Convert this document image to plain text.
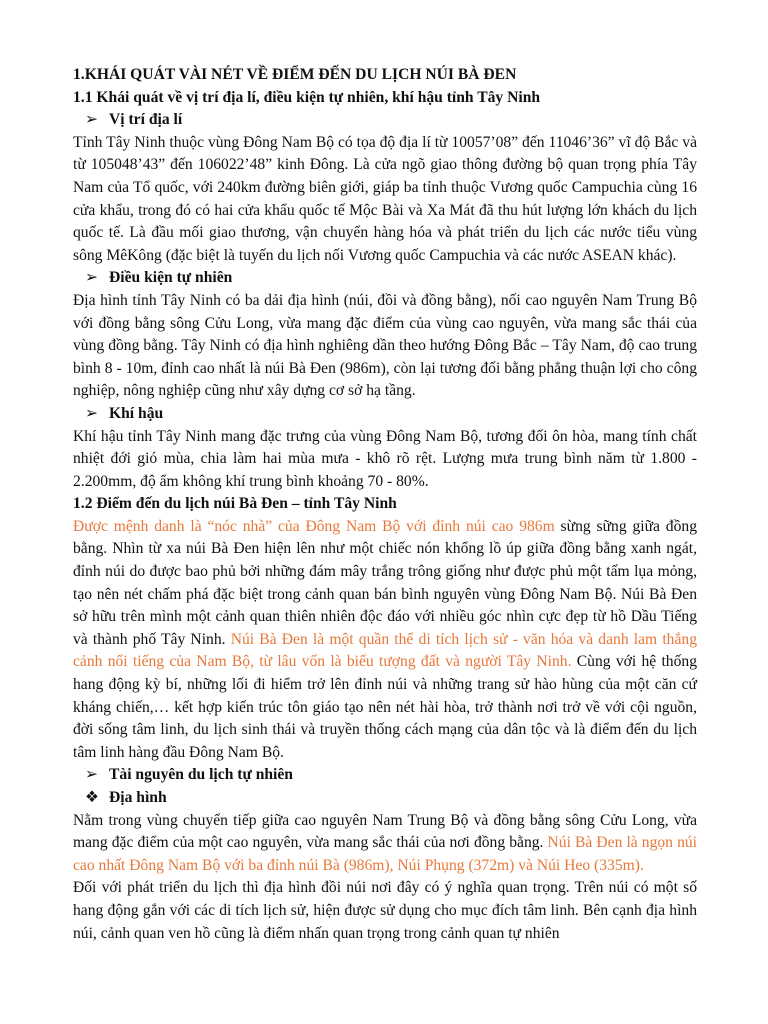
1.KHÁI QUÁT VÀI NÉT VỀ ĐIỂM ĐẾN DU LỊCH NÚI BÀ ĐEN

1.1 Khái quát về vị trí địa lí, điều kiện tự nhiên, khí hậu tỉnh Tây Ninh

➢ Vị trí địa lí

Tỉnh Tây Ninh thuộc vùng Đông Nam Bộ có tọa độ địa lí từ 10057’08” đến 11046’36” vĩ độ Bắc và từ 105048’43” đến 106022’48” kinh Đông. Là cửa ngõ giao thông đường bộ quan trọng phía Tây Nam của Tổ quốc, với 240km đường biên giới, giáp ba tỉnh thuộc Vương quốc Campuchia cùng 16 cửa khẩu, trong đó có hai cửa khẩu quốc tế Mộc Bài và Xa Mát đã thu hút lượng lớn khách du lịch quốc tế. Là đầu mối giao thương, vận chuyển hàng hóa và phát triển du lịch các nước tiểu vùng sông MêKông (đặc biệt là tuyến du lịch nối Vương quốc Campuchia và các nước ASEAN khác).

➢ Điều kiện tự nhiên

Địa hình tỉnh Tây Ninh có ba dải địa hình (núi, đồi và đồng bằng), nối cao nguyên Nam Trung Bộ với đồng bằng sông Cửu Long, vừa mang đặc điểm của vùng cao nguyên, vừa mang sắc thái của vùng đồng bằng. Tây Ninh có địa hình nghiêng dần theo hướng Đông Bắc – Tây Nam, độ cao trung bình 8 - 10m, đỉnh cao nhất là núi Bà Đen (986m), còn lại tương đối bằng phẳng thuận lợi cho công nghiệp, nông nghiệp cũng như xây dựng cơ sở hạ tầng.

➢ Khí hậu

Khí hậu tỉnh Tây Ninh mang đặc trưng của vùng Đông Nam Bộ, tương đối ôn hòa, mang tính chất nhiệt đới gió mùa, chia làm hai mùa mưa - khô rõ rệt. Lượng mưa trung bình năm từ 1.800 - 2.200mm, độ ẩm không khí trung bình khoảng 70 - 80%.

1.2 Điểm đến du lịch núi Bà Đen – tỉnh Tây Ninh

Được mệnh danh là “nóc nhà” của Đông Nam Bộ với đỉnh núi cao 986m sừng sững giữa đồng bằng. Nhìn từ xa núi Bà Đen hiện lên như một chiếc nón khổng lồ úp giữa đồng bằng xanh ngát, đỉnh núi do được bao phủ bởi những đám mây trắng trông giống như được phủ một tấm lụa mỏng, tạo nên nét chấm phá đặc biệt trong cảnh quan bán bình nguyên vùng Đông Nam Bộ. Núi Bà Đen sở hữu trên mình một cảnh quan thiên nhiên độc đáo với nhiều góc nhìn cực đẹp từ hồ Dầu Tiếng và thành phố Tây Ninh. Núi Bà Đen là một quần thể di tích lịch sử - văn hóa và danh lam thắng cảnh nổi tiếng của Nam Bộ, từ lâu vốn là biểu tượng đất và người Tây Ninh. Cùng với hệ thống hang động kỳ bí, những lối đi hiểm trở lên đỉnh núi và những trang sử hào hùng của một căn cứ kháng chiến,… kết hợp kiến trúc tôn giáo tạo nên nét hài hòa, trở thành nơi trở về với cội nguồn, đời sống tâm linh, du lịch sinh thái và truyền thống cách mạng của dân tộc và là điểm đến du lịch tâm linh hàng đầu Đông Nam Bộ.

➢ Tài nguyên du lịch tự nhiên

❖ Địa hình

Nằm trong vùng chuyển tiếp giữa cao nguyên Nam Trung Bộ và đồng bằng sông Cửu Long, vừa mang đặc điểm của một cao nguyên, vừa mang sắc thái của nơi đồng bằng. Núi Bà Đen là ngọn núi cao nhất Đông Nam Bộ với ba đỉnh núi Bà (986m), Núi Phụng (372m) và Núi Heo (335m).

Đối với phát triển du lịch thì địa hình đồi núi nơi đây có ý nghĩa quan trọng. Trên núi có một số hang động gắn với các di tích lịch sử, hiện được sử dụng cho mục đích tâm linh. Bên cạnh địa hình núi, cảnh quan ven hồ cũng là điểm nhấn quan trọng trong cảnh quan tự nhiên
